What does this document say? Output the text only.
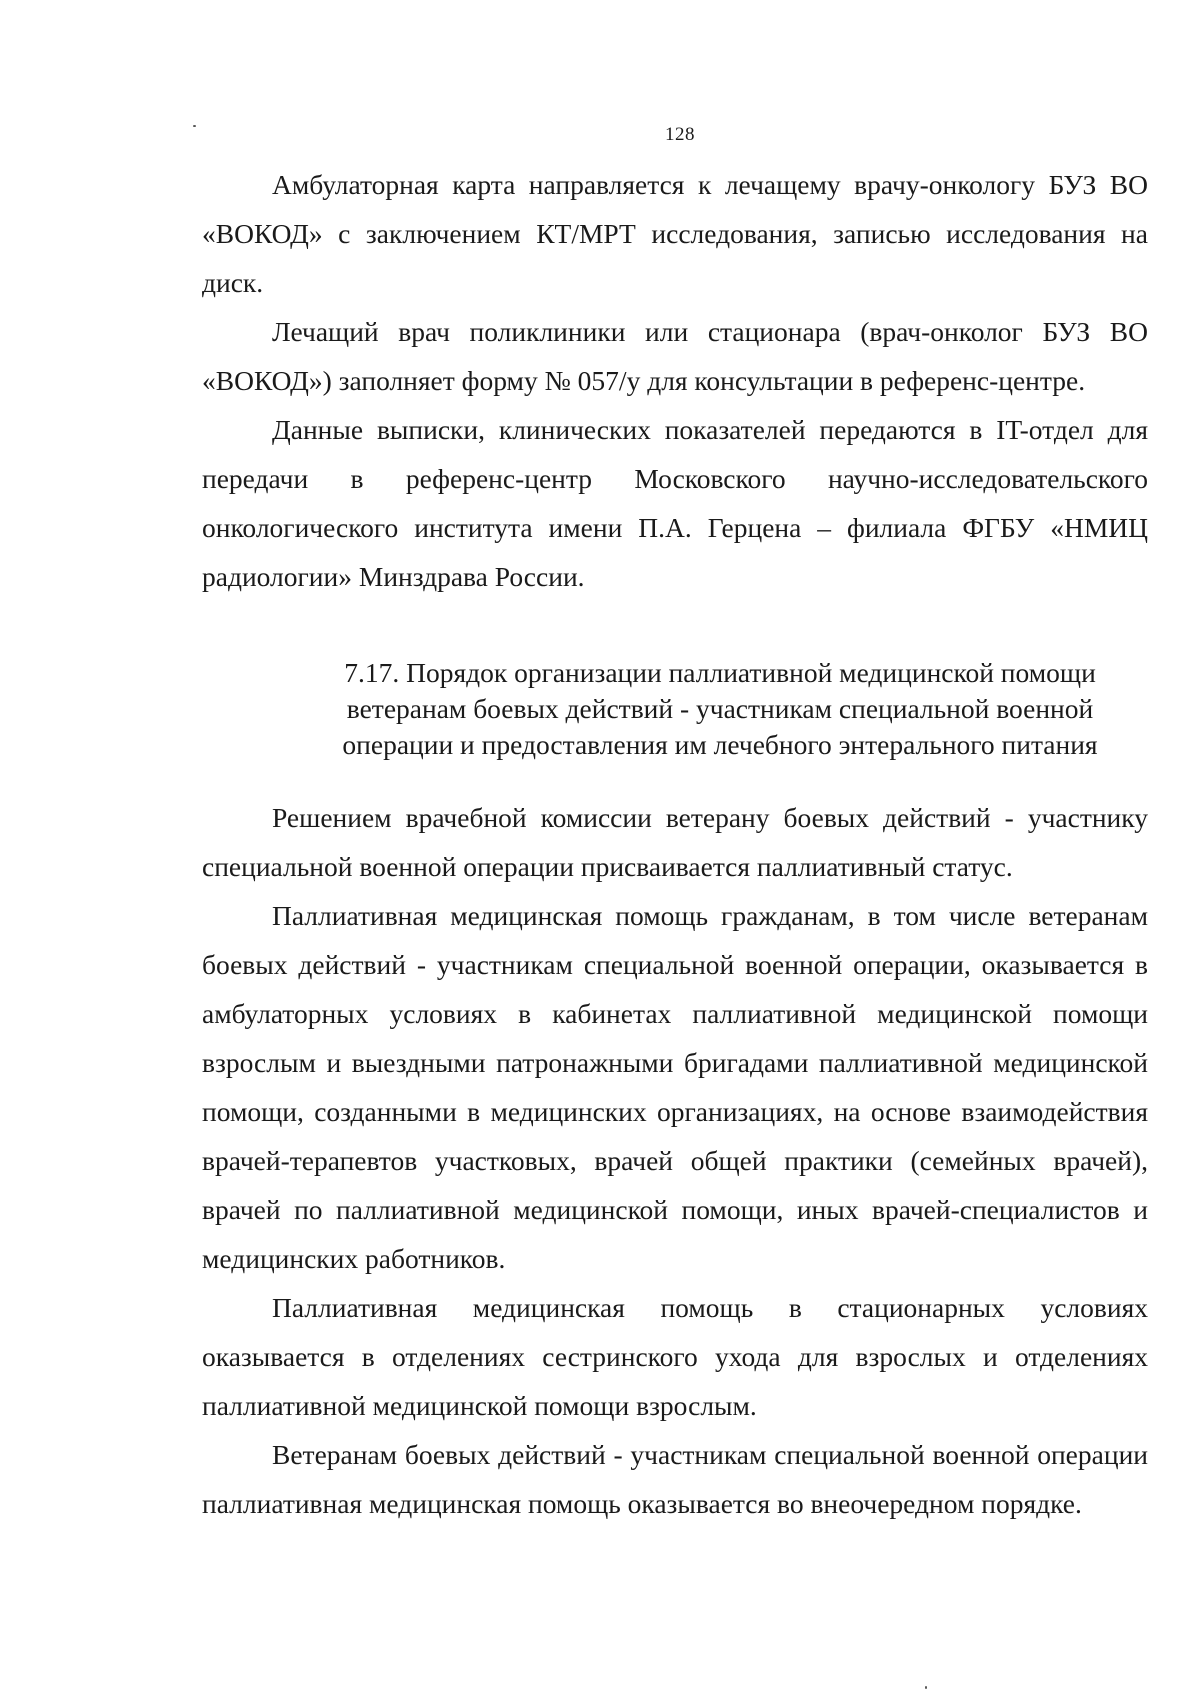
128

Амбулаторная карта направляется к лечащему врачу-онкологу БУЗ ВО «ВОКОД» с заключением КТ/МРТ исследования, записью исследования на диск.

Лечащий врач поликлиники или стационара (врач-онколог БУЗ ВО «ВОКОД») заполняет форму № 057/у для консультации в референс-центре.

Данные выписки, клинических показателей передаются в IT-отдел для передачи в референс-центр Московского научно-исследовательского онкологического института имени П.А. Герцена – филиала ФГБУ «НМИЦ радиологии» Минздрава России.

7.17. Порядок организации паллиативной медицинской помощи
ветеранам боевых действий - участникам специальной военной
операции и предоставления им лечебного энтерального питания

Решением врачебной комиссии ветерану боевых действий - участнику специальной военной операции присваивается паллиативный статус.

Паллиативная медицинская помощь гражданам, в том числе ветеранам боевых действий - участникам специальной военной операции, оказывается в амбулаторных условиях в кабинетах паллиативной медицинской помощи взрослым и выездными патронажными бригадами паллиативной медицинской помощи, созданными в медицинских организациях, на основе взаимодействия врачей-терапевтов участковых, врачей общей практики (семейных врачей), врачей по паллиативной медицинской помощи, иных врачей-специалистов и медицинских работников.

Паллиативная медицинская помощь в стационарных условиях оказывается в отделениях сестринского ухода для взрослых и отделениях паллиативной медицинской помощи взрослым.

Ветеранам боевых действий - участникам специальной военной операции паллиативная медицинская помощь оказывается во внеочередном порядке.
